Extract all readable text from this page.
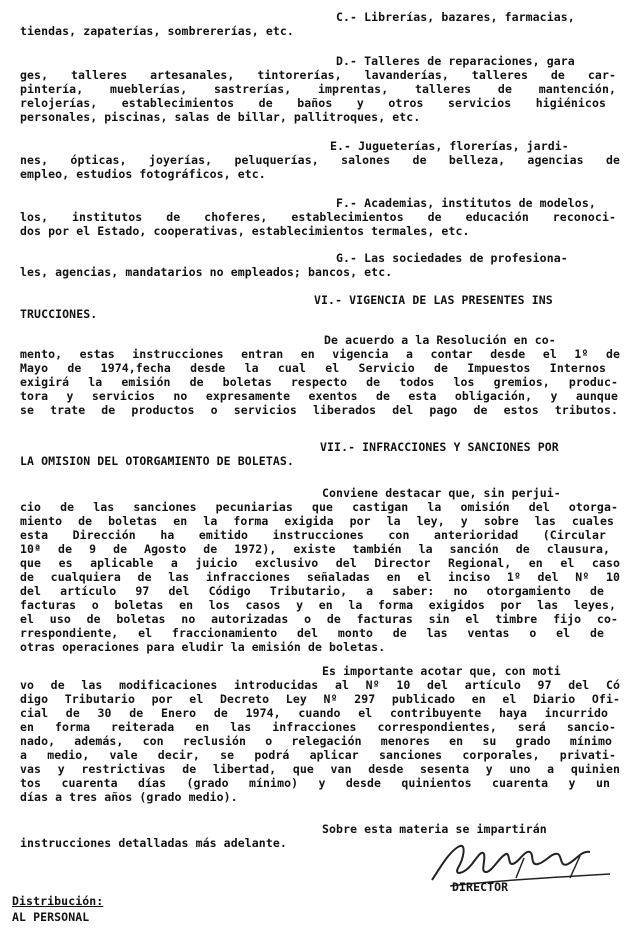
C.- Librerías, bazares, farmacias,
tiendas, zapaterías, sombrererías, etc.
D.- Talleres de reparaciones, gara
ges, talleres artesanales, tintorerías, lavanderías, talleres de car-
pintería, mueblerías, sastrerías, imprentas, talleres de mantención,
relojerías, establecimientos de baños y otros servicios higiénicos
personales, piscinas, salas de billar, pallitroques, etc.
E.- Jugueterías, florerías, jardi-
nes, ópticas, joyerías, peluquerías, salones de belleza, agencias de
empleo, estudios fotográficos, etc.
F.- Academias, institutos de modelos,
los, institutos de choferes, establecimientos de educación reconoci-
dos por el Estado, cooperativas, establecimientos termales, etc.
G.- Las sociedades de profesiona-
les, agencias, mandatarios no empleados; bancos, etc.
VI.- VIGENCIA DE LAS PRESENTES INS
TRUCCIONES.
De acuerdo a la Resolución en co-
mento, estas instrucciones entran en vigencia a contar desde el 1º de
Mayo de 1974,fecha desde la cual el Servicio de Impuestos Internos
exigirá la emisión de boletas respecto de todos los gremios, produc-
tora y servicios no expresamente exentos de esta obligación, y aunque
se trate de productos o servicios liberados del pago de estos tributos.
VII.- INFRACCIONES Y SANCIONES POR
LA OMISION DEL OTORGAMIENTO DE BOLETAS.
Conviene destacar que, sin perjui-
cio de las sanciones pecuniarias que castigan la omisión del otorga-
miento de boletas en la forma exigida por la ley, y sobre las cuales
esta Dirección ha emitido instrucciones con anterioridad (Circular
10ª de 9 de Agosto de 1972), existe también la sanción de clausura,
que es aplicable a juicio exclusivo del Director Regional, en el caso
de cualquiera de las infracciones señaladas en el inciso 1º del Nº 10
del artículo 97 del Código Tributario, a saber: no otorgamiento de
facturas o boletas en los casos y en la forma exigidos por las leyes,
el uso de boletas no autorizadas o de facturas sin el timbre fijo co-
rrespondiente, el fraccionamiento del monto de las ventas o el de
otras operaciones para eludir la emisión de boletas.
Es importante acotar que, con moti
vo de las modificaciones introducidas al Nº 10 del artículo 97 del Có
digo Tributario por el Decreto Ley Nº 297 publicado en el Diario Ofi-
cial de 30 de Enero de 1974, cuando el contribuyente haya incurrido
en forma reiterada en las infracciones correspondientes, será sancio-
nado, además, con reclusión o relegación menores en su grado mínimo
a medio, vale decir, se podrá aplicar sanciones corporales, privati-
vas y restrictivas de libertad, que van desde sesenta y uno a quinien
tos cuarenta días (grado mínimo) y desde quinientos cuarenta y un
días a tres años (grado medio).
Sobre esta materia se impartirán
instrucciones detalladas más adelante.
DIRECTOR
Distribución:
AL PERSONAL
